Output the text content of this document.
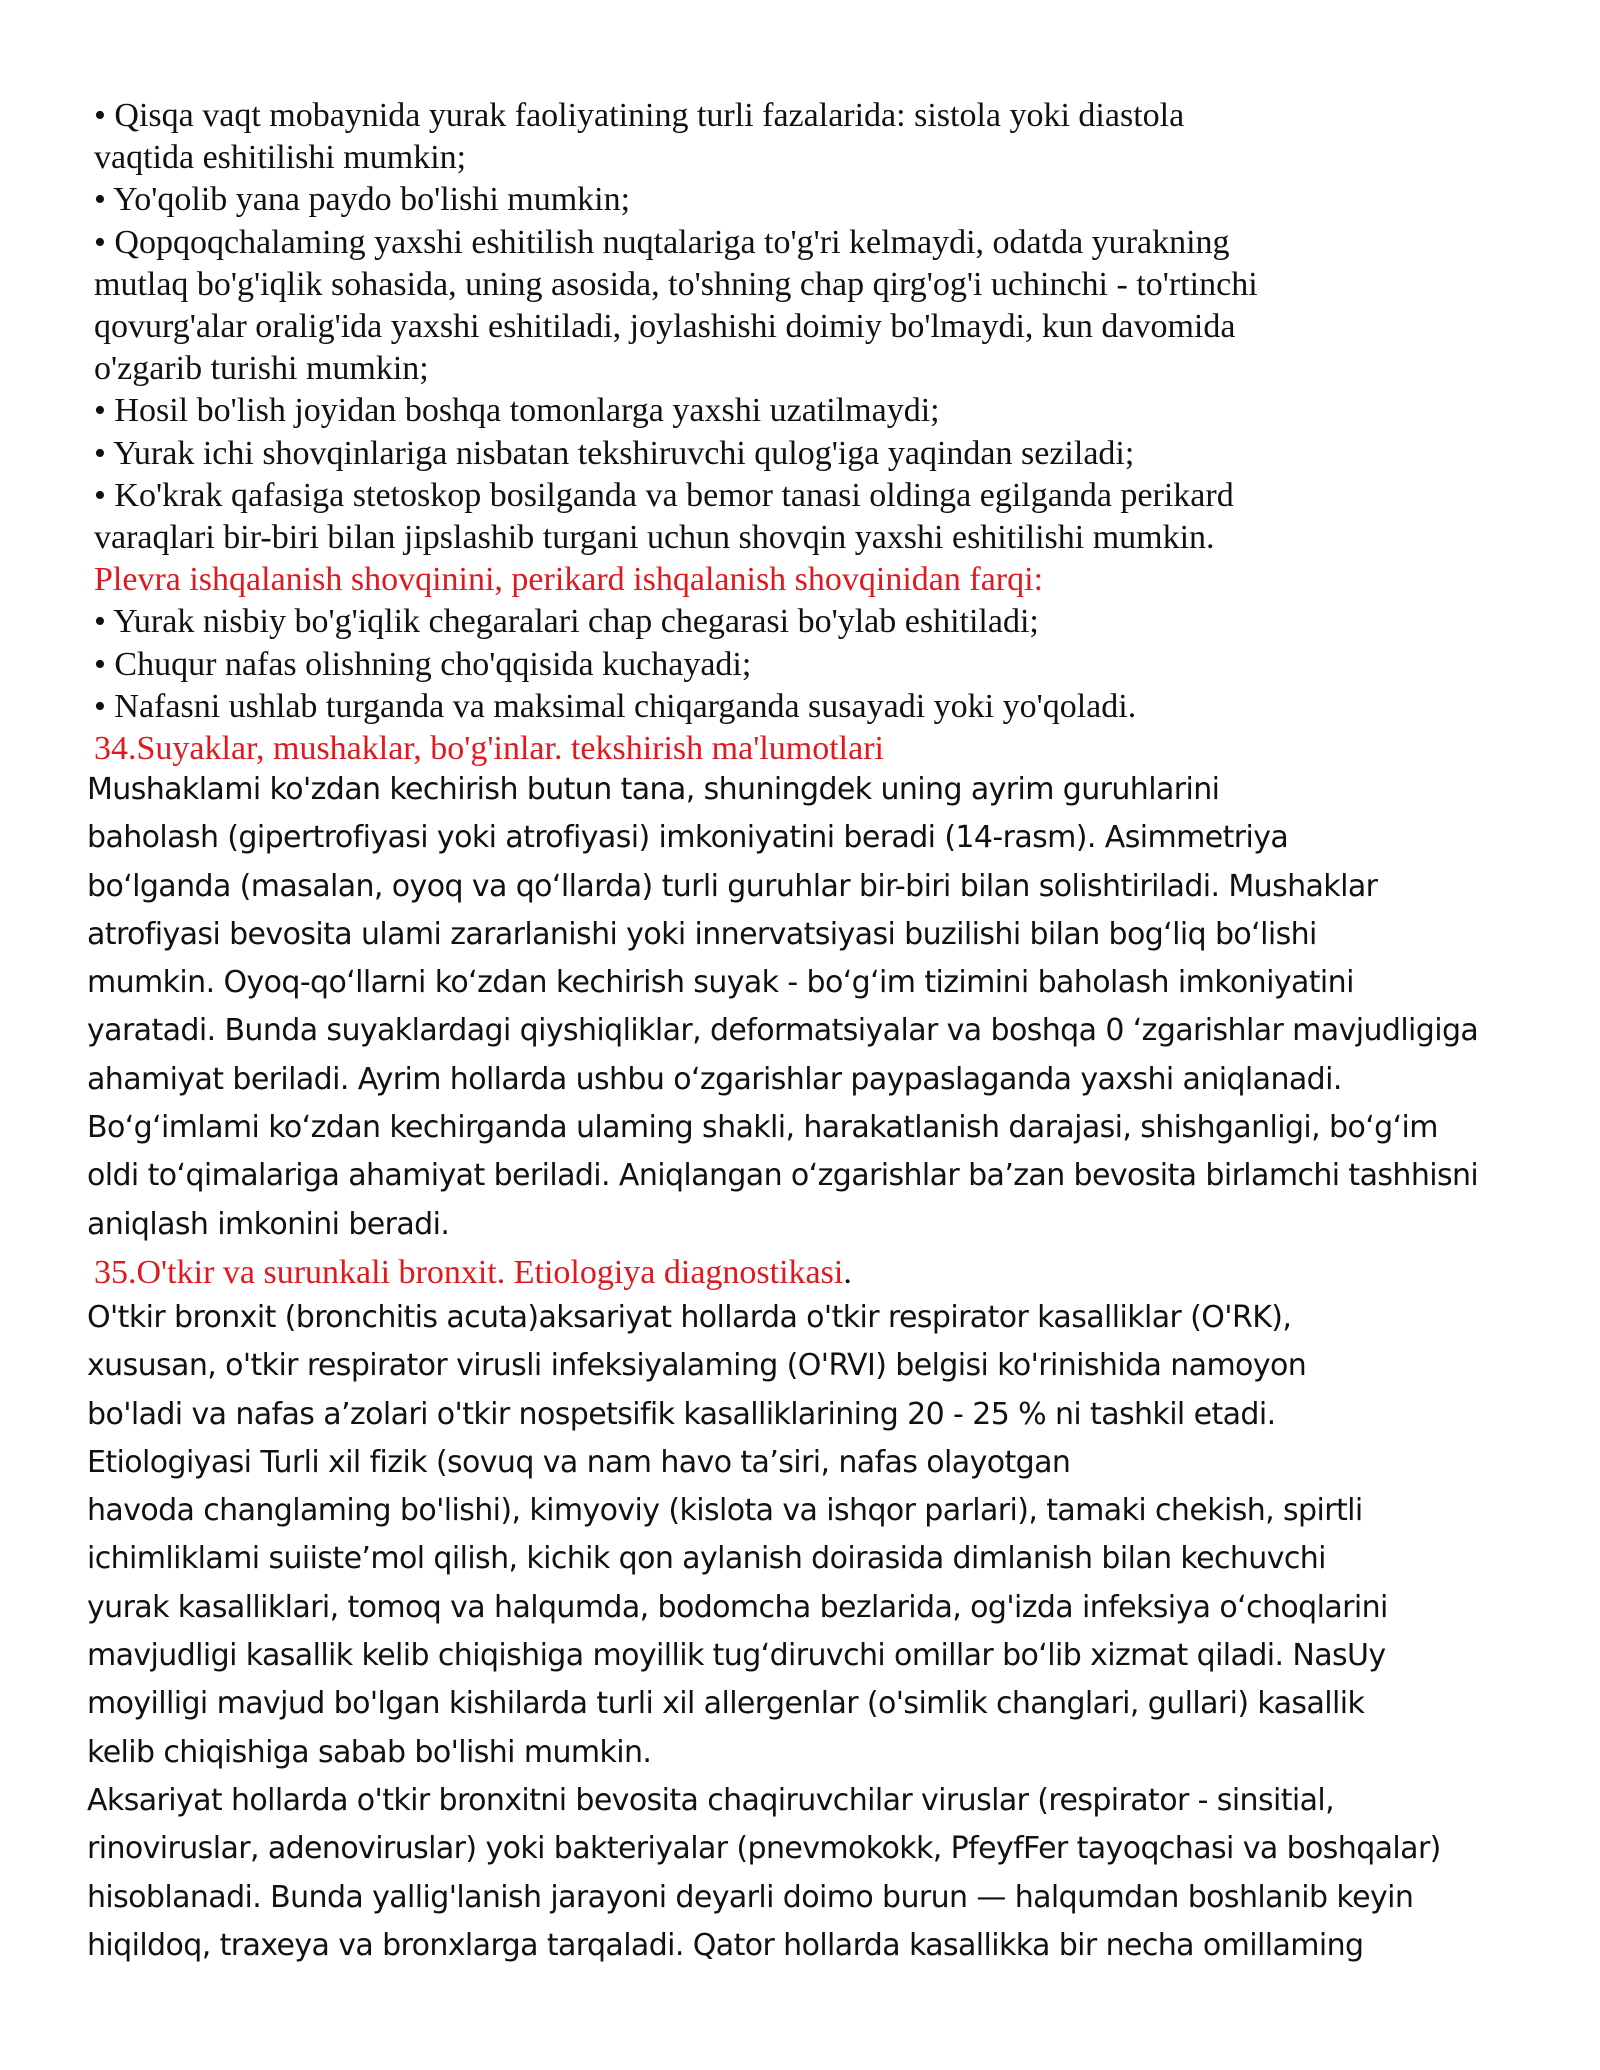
• Qisqa vaqt mobaynida yurak faoliyatining turli fazalarida: sistola yoki diastola
vaqtida eshitilishi mumkin;
• Yo'qolib yana paydo bo'lishi mumkin;
• Qopqoqchalaming yaxshi eshitilish nuqtalariga to'g'ri kelmaydi, odatda yurakning
mutlaq bo'g'iqlik sohasida, uning asosida, to'shning chap qirg'og'i uchinchi - to'rtinchi
qovurg'alar oralig'ida yaxshi eshitiladi, joylashishi doimiy bo'lmaydi, kun davomida
o'zgarib turishi mumkin;
• Hosil bo'lish joyidan boshqa tomonlarga yaxshi uzatilmaydi;
• Yurak ichi shovqinlariga nisbatan tekshiruvchi qulog'iga yaqindan seziladi;
• Ko'krak qafasiga stetoskop bosilganda va bemor tanasi oldinga egilganda perikard
varaqlari bir-biri bilan jipslashib turgani uchun shovqin yaxshi eshitilishi mumkin.
Plevra ishqalanish shovqinini, perikard ishqalanish shovqinidan farqi:
• Yurak nisbiy bo'g'iqlik chegaralari chap chegarasi bo'ylab eshitiladi;
• Chuqur nafas olishning cho'qqisida kuchayadi;
• Nafasni ushlab turganda va maksimal chiqarganda susayadi yoki yo'qoladi.
34.Suyaklar, mushaklar, bo'g'inlar. tekshirish ma'lumotlari
Mushaklami ko'zdan kechirish butun tana, shuningdek uning ayrim guruhlarini
baholash (gipertrofiyasi yoki atrofiyasi) imkoniyatini beradi (14-rasm). Asimmetriya
bo‘lganda (masalan, oyoq va qo‘llarda) turli guruhlar bir-biri bilan solishtiriladi. Mushaklar
atrofiyasi bevosita ulami zararlanishi yoki innervatsiyasi buzilishi bilan bog‘liq bo‘lishi
mumkin. Oyoq-qo‘llarni ko‘zdan kechirish suyak - bo‘g‘im tizimini baholash imkoniyatini
yaratadi. Bunda suyaklardagi qiyshiqliklar, deformatsiyalar va boshqa 0 ‘zgarishlar mavjudligiga
ahamiyat beriladi. Ayrim hollarda ushbu o‘zgarishlar paypaslaganda yaxshi aniqlanadi.
Bo‘g‘imlami ko‘zdan kechirganda ulaming shakli, harakatlanish darajasi, shishganligi, bo‘g‘im
oldi to‘qimalariga ahamiyat beriladi. Aniqlangan o‘zgarishlar ba’zan bevosita birlamchi tashhisni
aniqlash imkonini beradi.
35.O'tkir va surunkali bronxit. Etiologiya diagnostikasi.
O'tkir bronxit (bronchitis acuta)aksariyat hollarda o'tkir respirator kasalliklar (O'RK),
xususan, o'tkir respirator virusli infeksiyalaming (O'RVI) belgisi ko'rinishida namoyon
bo'ladi va nafas a’zolari o'tkir nospetsifik kasalliklarining 20 - 25 % ni tashkil etadi.
Etiologiyasi Turli xil fizik (sovuq va nam havo ta’siri, nafas olayotgan
havoda changlaming bo'lishi), kimyoviy (kislota va ishqor parlari), tamaki chekish, spirtli
ichimliklami suiiste’mol qilish, kichik qon aylanish doirasida dimlanish bilan kechuvchi
yurak kasalliklari, tomoq va halqumda, bodomcha bezlarida, og'izda infeksiya o‘choqlarini
mavjudligi kasallik kelib chiqishiga moyillik tug‘diruvchi omillar bo‘lib xizmat qiladi. NasUy
moyilligi mavjud bo'lgan kishilarda turli xil allergenlar (o'simlik changlari, gullari) kasallik
kelib chiqishiga sabab bo'lishi mumkin.
Aksariyat hollarda o'tkir bronxitni bevosita chaqiruvchilar viruslar (respirator - sinsitial,
rinoviruslar, adenoviruslar) yoki bakteriyalar (pnevmokokk, PfeyfFer tayoqchasi va boshqalar)
hisoblanadi. Bunda yallig'lanish jarayoni deyarli doimo burun — halqumdan boshlanib keyin
hiqildoq, traxeya va bronxlarga tarqaladi. Qator hollarda kasallikka bir necha omillaming
